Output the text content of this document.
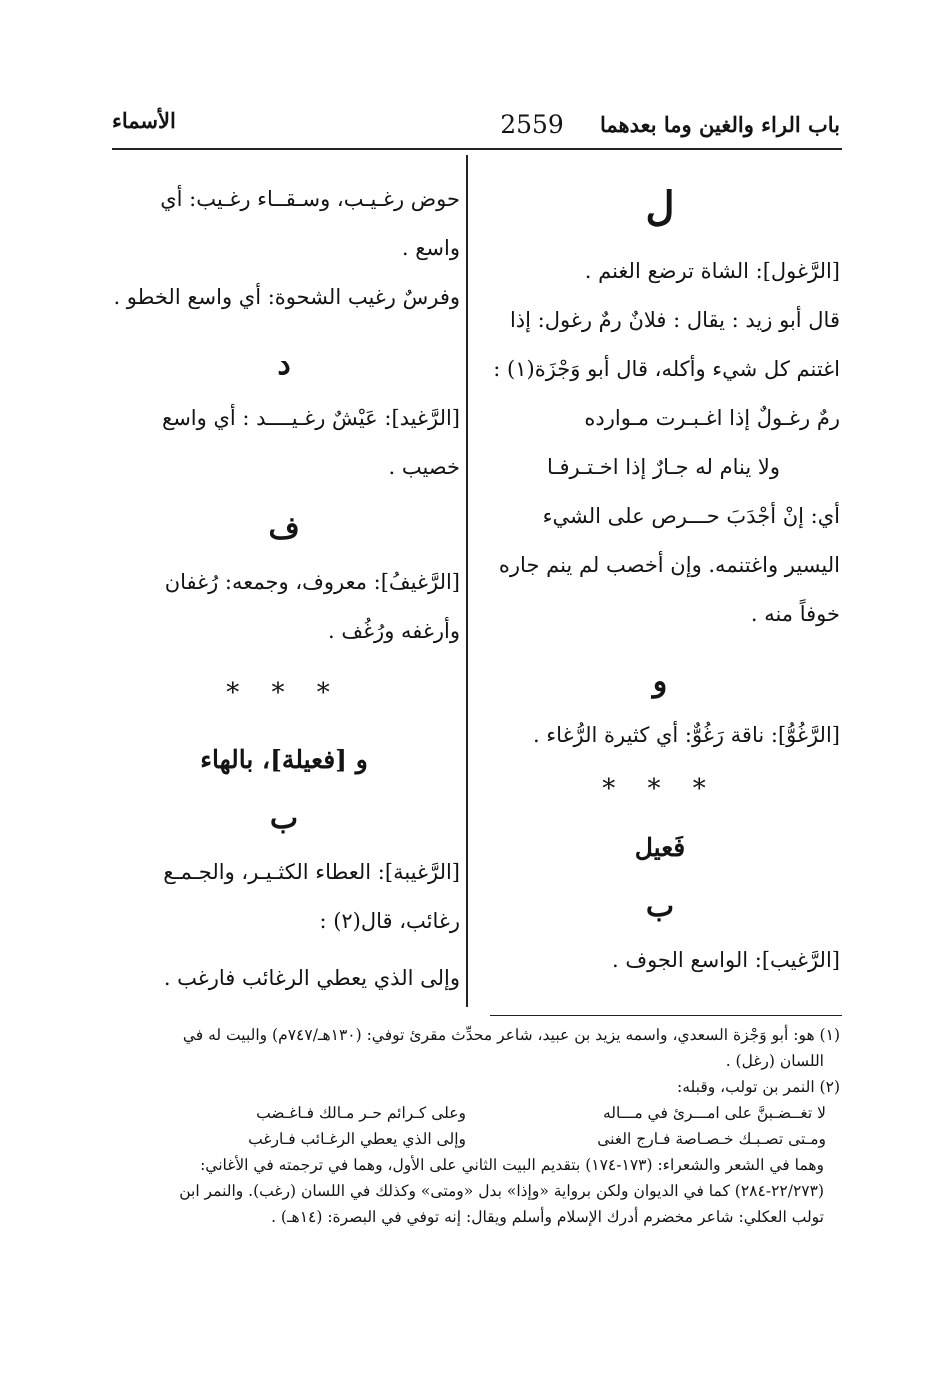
باب الراء والغين وما بعدهما
2559
الأسماء

ل

[الرَّغول]: الشاة ترضع الغنم .

قال أبو زيد : يقال : فلانٌ رمٌ رغول: إذا

اغتنم كل شيء وأكله، قال أبو وَجْزَة(١) :

رمٌ رغـولٌ إذا اغـبـرت مـوارده

ولا ينام له جـارٌ إذا اخـتـرفـا

أي: إنْ أجْدَبَ حـــرص على الشيء

اليسير واغتنمه. وإن أخصب لم ينم جاره

خوفاً منه .

و

[الرَّغُوُّ]: ناقة رَغُوٌّ: أي كثيرة الرُّغاء .

* * *

فَعيل

ب

[الرَّغيب]: الواسع الجوف .

حوض رغـيـب، وسـقــاء رغـيب: أي

واسع .

وفرسٌ رغيب الشحوة: أي واسع الخطو .

د

[الرَّغيد]: عَيْشٌ رغـيــــد : أي واسع

خصيب .

ف

[الرَّغيفُ]: معروف، وجمعه: رُغفان

وأرغفه ورُغُف .

* * *

و [فعيلة]، بالهاء

ب

[الرَّغيبة]: العطاء الكثـيـر، والجـمـع

رغائب، قال(٢) :

وإلى الذي يعطي الرغائب فارغب .

(١) هو: أبو وَجْزة السعدي، واسمه يزيد بن عبيد، شاعر محدِّث مقرئ توفي: (١٣٠هـ/٧٤٧م) والبيت له في

اللسان (رغل) .

(٢) النمر بن تولب، وقبله:

لا تغــضـبنَّ على امـــرئ في مـــاله
وعلى كـرائم حـر مـالك فـاغـضب
ومـتى تصـبـك خـصـاصة فـارج الغنى
وإلى الذي يعطي الرغـائب فـارغب

وهما في الشعر والشعراء: (١٧٣-١٧٤) بتقديم البيت الثاني على الأول، وهما في ترجمته في الأغاني:

(٢٢/٢٧٣-٢٨٤) كما في الديوان ولكن برواية «وإذا» بدل «ومتى» وكذلك في اللسان (رغب). والنمر ابن

تولب العكلي: شاعر مخضرم أدرك الإسلام وأسلم ويقال: إنه توفي في البصرة: (١٤هـ) .
